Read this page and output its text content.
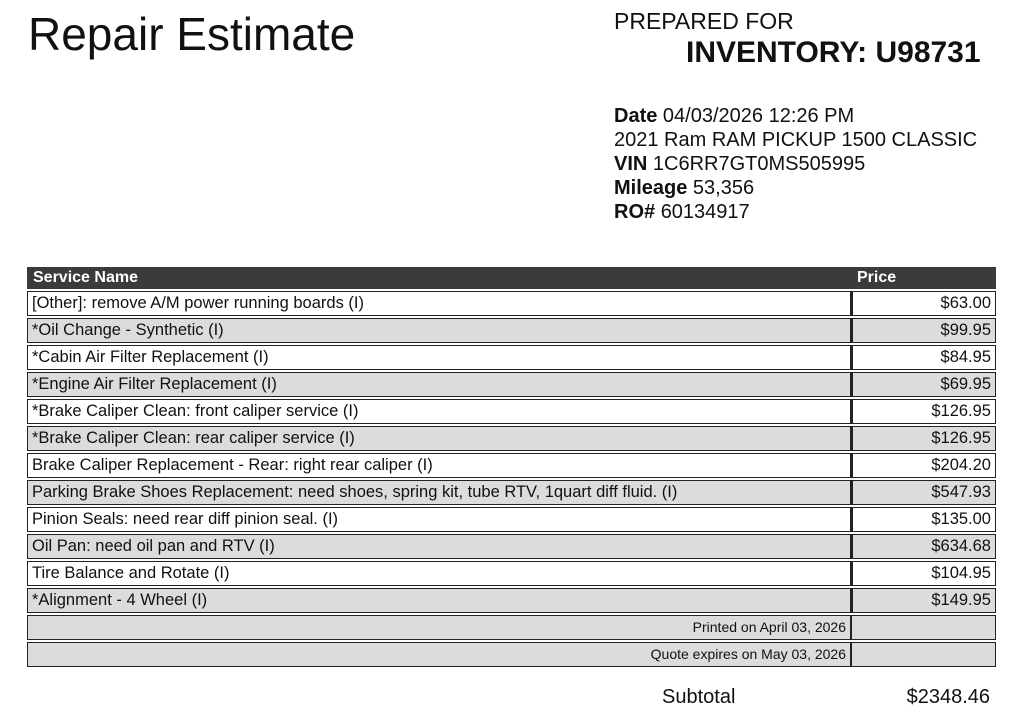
Repair Estimate	PREPARED FOR
INVENTORY: U98731
Date 04/03/2026 12:26 PM
2021 Ram RAM PICKUP 1500 CLASSIC
VIN 1C6RR7GT0MS505995
Mileage 53,356
RO# 60134917
Service Name	Price
[Other]: remove A/M power running boards (I)	$63.00
*Oil Change - Synthetic (I)	$99.95
*Cabin Air Filter Replacement (I)	$84.95
*Engine Air Filter Replacement (I)	$69.95
*Brake Caliper Clean: front caliper service (I)	$126.95
*Brake Caliper Clean: rear caliper service (I)	$126.95
Brake Caliper Replacement - Rear: right rear caliper (I)	$204.20
Parking Brake Shoes Replacement: need shoes, spring kit, tube RTV, 1quart diff fluid. (I)	$547.93
Pinion Seals: need rear diff pinion seal. (I)	$135.00
Oil Pan: need oil pan and RTV (I)	$634.68
Tire Balance and Rotate (I)	$104.95
*Alignment - 4 Wheel (I)	$149.95
Printed on April 03, 2026	
Quote expires on May 03, 2026	
Subtotal	$2348.46
